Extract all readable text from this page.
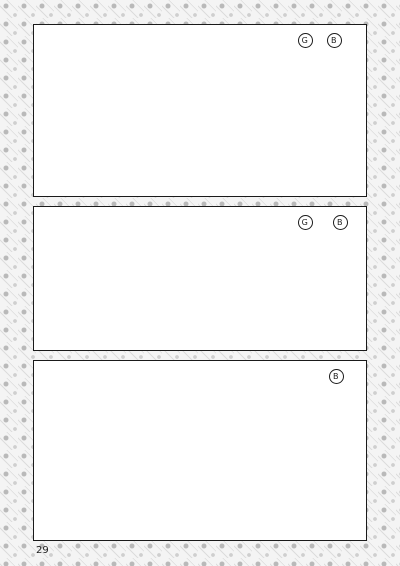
B
G
B
G
B
29
